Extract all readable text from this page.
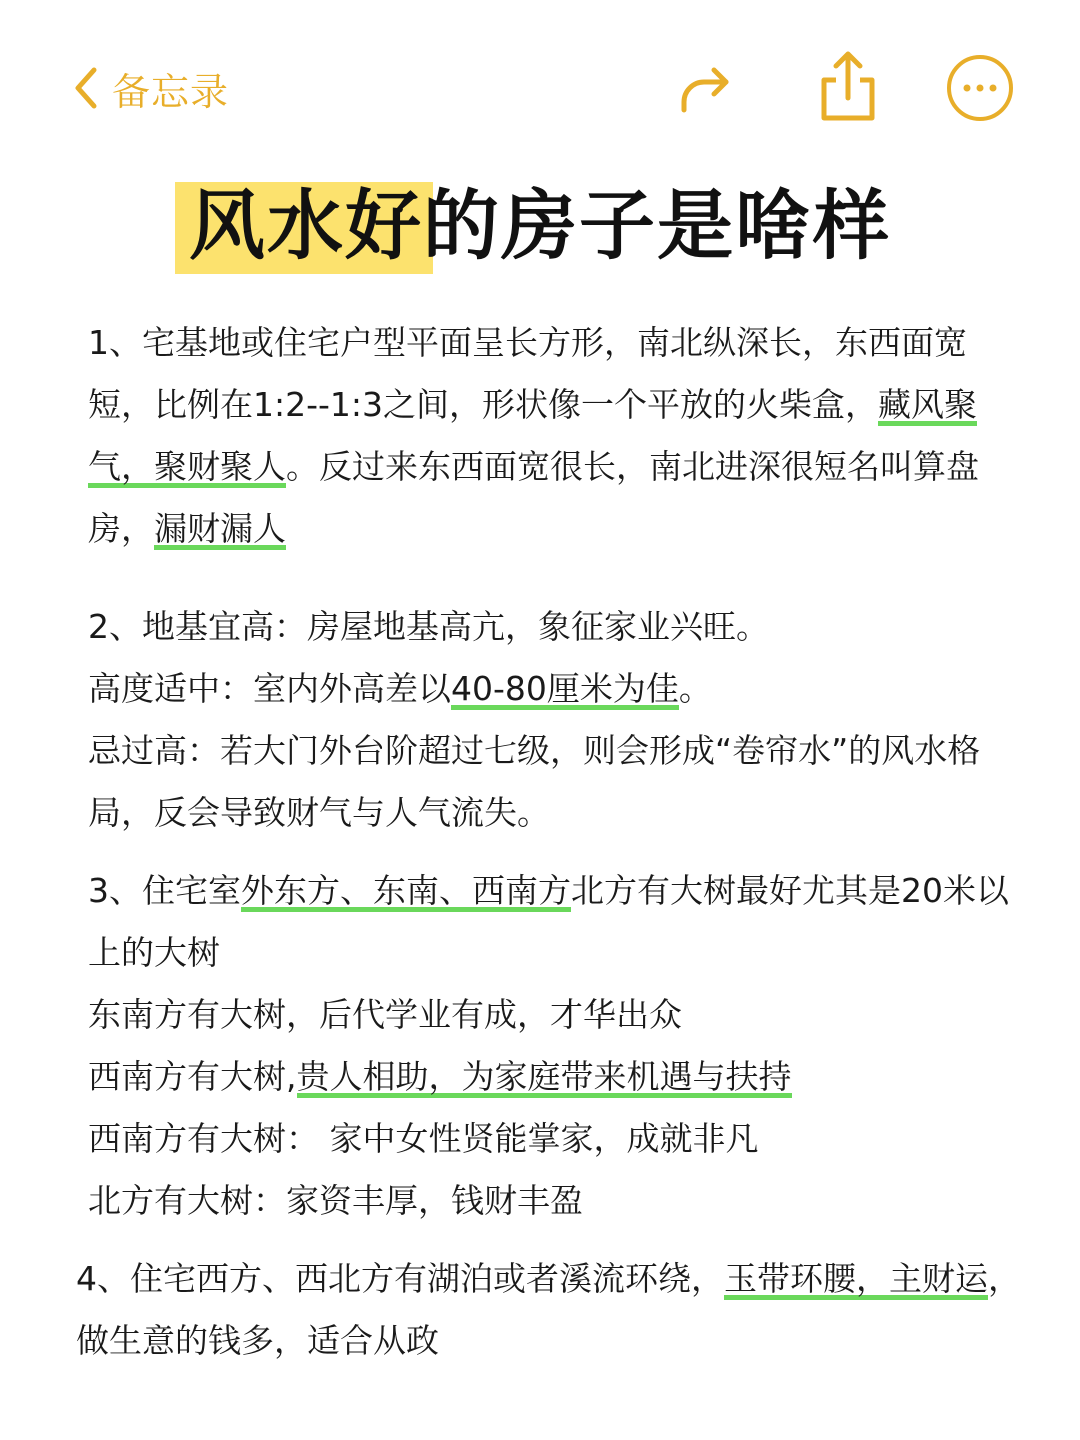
备忘录
风水好的房子是啥样

1、宅基地或住宅户型平面呈长方形，南北纵深长，东西面宽短，比例在1:2--1:3之间，形状像一个平放的火柴盒，藏风聚气，聚财聚人。反过来东西面宽很长，南北进深很短名叫算盘房，漏财漏人

2、地基宜高：房屋地基高亢，象征家业兴旺。

高度适中：室内外高差以40-80厘米为佳。

忌过高：若大门外台阶超过七级，则会形成“卷帘水”的风水格局，反会导致财气与人气流失。

3、住宅室外东方、东南、西南方北方有大树最好尤其是20米以上的大树

东南方有大树，后代学业有成，才华出众

西南方有大树,贵人相助，为家庭带来机遇与扶持

西南方有大树： 家中女性贤能掌家，成就非凡

北方有大树：家资丰厚，钱财丰盈

4、住宅西方、西北方有湖泊或者溪流环绕，玉带环腰，主财运，做生意的钱多，适合从政
